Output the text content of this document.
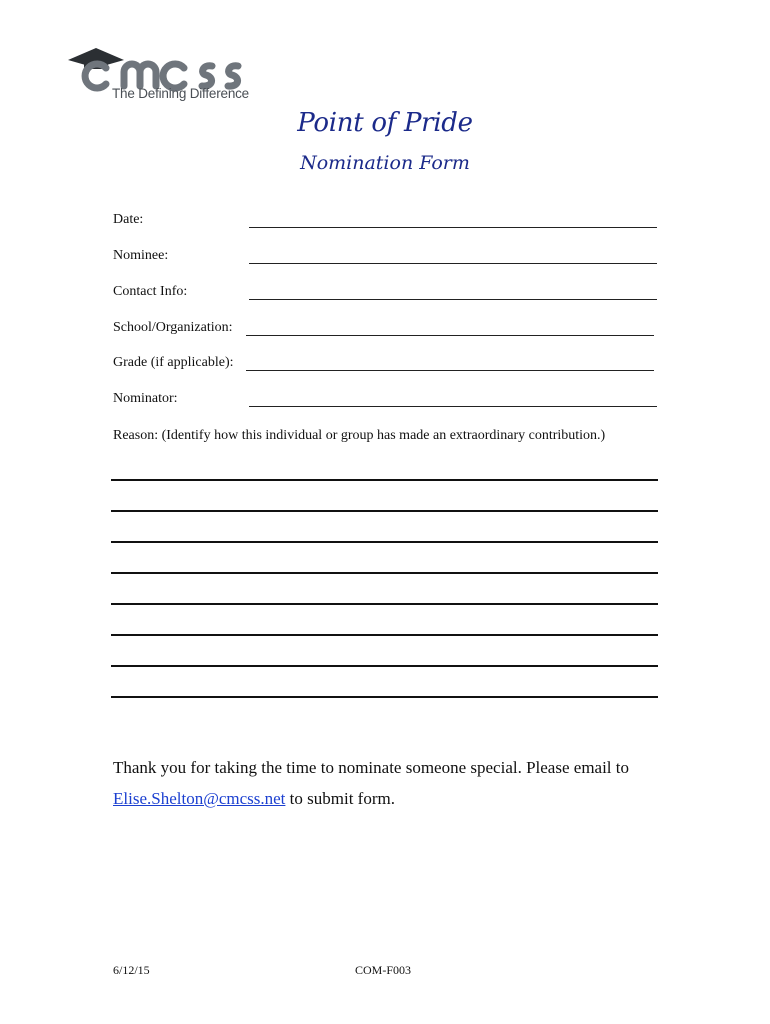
The Defining Difference
Point of Pride
Nomination Form
Date:
Nominee:
Contact Info:
School/Organization:
Grade (if applicable):
Nominator:
Reason: (Identify how this individual or group has made an extraordinary contribution.)
Thank you for taking the time to nominate someone special. Please email to
Elise.Shelton@cmcss.net to submit form.
6/12/15	COM-F003
